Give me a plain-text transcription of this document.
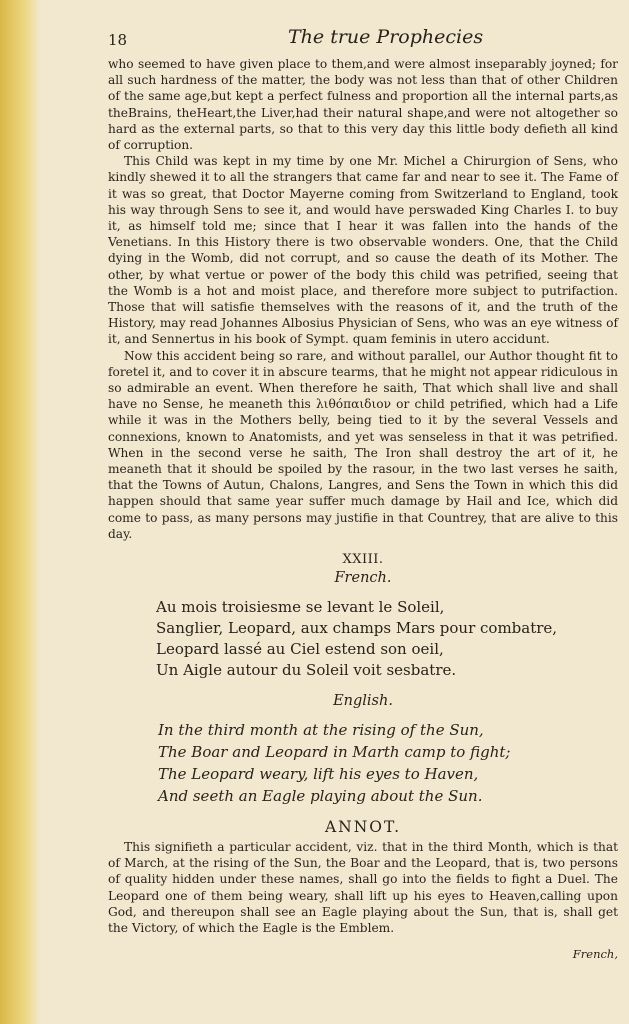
18	The true Prophecies

who seemed to have given place to them,and were almost inseparably joyned; for all such hardness of the matter, the body was not less than that of other Children of the same age,but kept a perfect fulness and proportion all the internal parts,as theBrains, theHeart,the Liver,had their natural shape,and were not altogether so hard as the external parts, so that to this very day this little body defieth all kind of corruption.

This Child was kept in my time by one Mr. Michel a Chirurgion of Sens, who kindly shewed it to all the strangers that came far and near to see it. The Fame of it was so great, that Doctor Mayerne coming from Switzerland to England, took his way through Sens to see it, and would have perswaded King Charles I. to buy it, as himself told me; since that I hear it was fallen into the hands of the Venetians. In this History there is two observable wonders. One, that the Child dying in the Womb, did not corrupt, and so cause the death of its Mother. The other, by what vertue or power of the body this child was petrified, seeing that the Womb is a hot and moist place, and therefore more subject to putrifaction. Those that will satisfie themselves with the reasons of it, and the truth of the History, may read Johannes Albosius Physician of Sens, who was an eye witness of it, and Sennertus in his book of Sympt. quam feminis in utero accidunt.

Now this accident being so rare, and without parallel, our Author thought fit to foretel it, and to cover it in abscure tearms, that he might not appear ridiculous in so admirable an event. When therefore he saith, That which shall live and shall have no Sense, he meaneth this λιθόπαιδιον or child petrified, which had a Life while it was in the Mothers belly, being tied to it by the several Vessels and connexions, known to Anatomists, and yet was senseless in that it was petrified. When in the second verse he saith, The Iron shall destroy the art of it, he meaneth that it should be spoiled by the rasour, in the two last verses he saith, that the Towns of Autun, Chalons, Langres, and Sens the Town in which this did happen should that same year suffer much damage by Hail and Ice, which did come to pass, as many persons may justifie in that Countrey, that are alive to this day.

XXIII.
French.
Au mois troisiesme se levant le Soleil,
Sanglier, Leopard, aux champs Mars pour combatre,
Leopard lassé au Ciel estend son oeil,
Un Aigle autour du Soleil voit sesbatre.
English.
In the third month at the rising of the Sun,
The Boar and Leopard in Marth camp to fight;
The Leopard weary, lift his eyes to Haven,
And seeth an Eagle playing about the Sun.
ANNOT.

This signifieth a particular accident, viz. that in the third Month, which is that of March, at the rising of the Sun, the Boar and the Leopard, that is, two persons of quality hidden under these names, shall go into the fields to fight a Duel. The Leopard one of them being weary, shall lift up his eyes to Heaven,calling upon God, and thereupon shall see an Eagle playing about the Sun, that is, shall get the Victory, of which the Eagle is the Emblem.

French,
